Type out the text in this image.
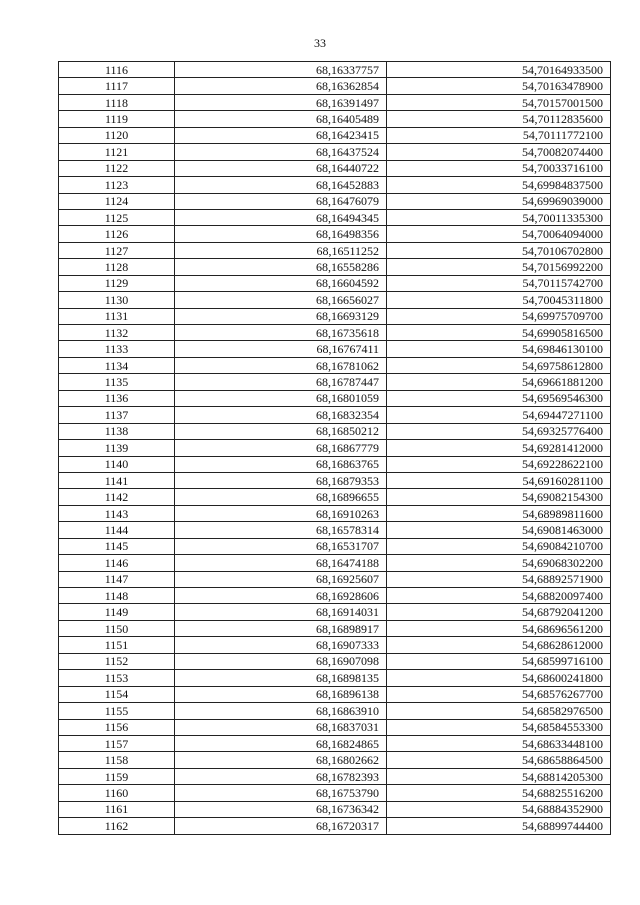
33
1116	68,16337757	54,70164933500
1117	68,16362854	54,70163478900
1118	68,16391497	54,70157001500
1119	68,16405489	54,70112835600
1120	68,16423415	54,70111772100
1121	68,16437524	54,70082074400
1122	68,16440722	54,70033716100
1123	68,16452883	54,69984837500
1124	68,16476079	54,69969039000
1125	68,16494345	54,70011335300
1126	68,16498356	54,70064094000
1127	68,16511252	54,70106702800
1128	68,16558286	54,70156992200
1129	68,16604592	54,70115742700
1130	68,16656027	54,70045311800
1131	68,16693129	54,69975709700
1132	68,16735618	54,69905816500
1133	68,16767411	54,69846130100
1134	68,16781062	54,69758612800
1135	68,16787447	54,69661881200
1136	68,16801059	54,69569546300
1137	68,16832354	54,69447271100
1138	68,16850212	54,69325776400
1139	68,16867779	54,69281412000
1140	68,16863765	54,69228622100
1141	68,16879353	54,69160281100
1142	68,16896655	54,69082154300
1143	68,16910263	54,68989811600
1144	68,16578314	54,69081463000
1145	68,16531707	54,69084210700
1146	68,16474188	54,69068302200
1147	68,16925607	54,68892571900
1148	68,16928606	54,68820097400
1149	68,16914031	54,68792041200
1150	68,16898917	54,68696561200
1151	68,16907333	54,68628612000
1152	68,16907098	54,68599716100
1153	68,16898135	54,68600241800
1154	68,16896138	54,68576267700
1155	68,16863910	54,68582976500
1156	68,16837031	54,68584553300
1157	68,16824865	54,68633448100
1158	68,16802662	54,68658864500
1159	68,16782393	54,68814205300
1160	68,16753790	54,68825516200
1161	68,16736342	54,68884352900
1162	68,16720317	54,68899744400
